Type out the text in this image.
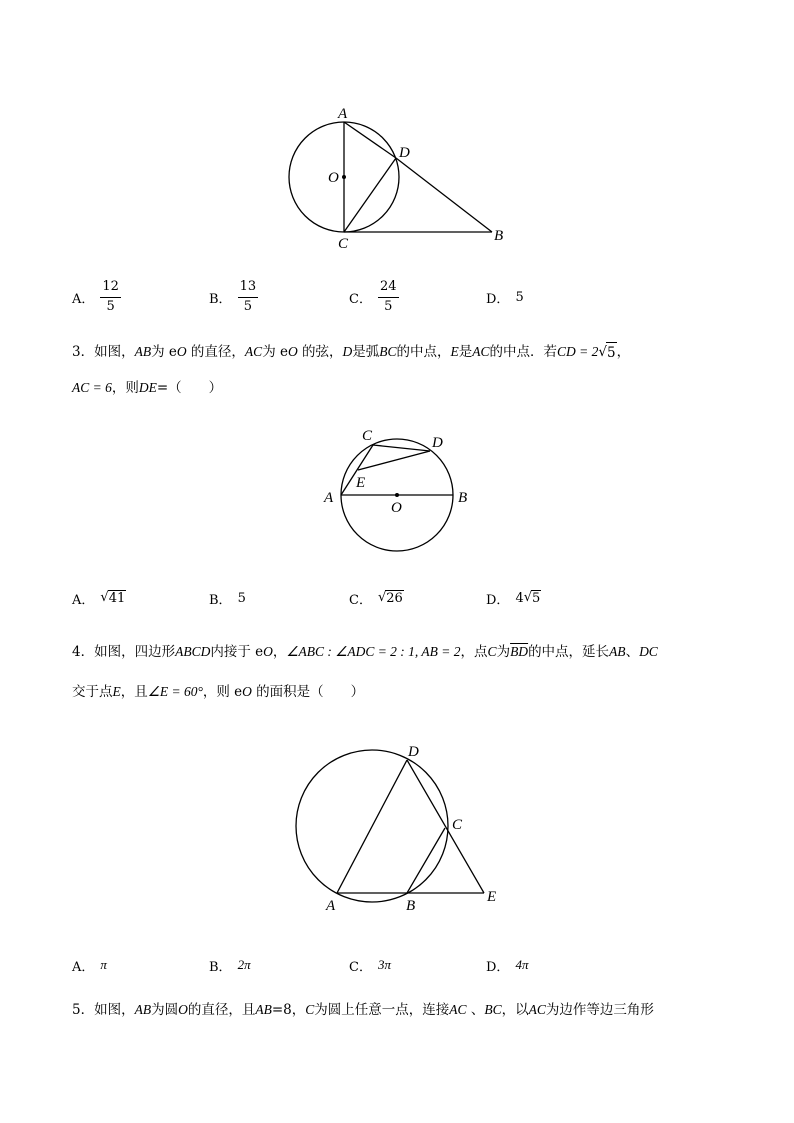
A
D
O
C	B
A． $\frac{12}{5}$	B． $\frac{13}{5}$	C． $\frac{24}{5}$	D． 5
3．如图，AB为 eO 的直径，AC为 eO 的弦，D是弧BC的中点，E是AC的中点．若CD = 2√ 5 ，
AC = 6，则DE=（　　）
C	D
E
A	B
O
A． √ 41	B． 5	C． √ 26	D． 4 √ 5
4．如图，四边形ABCD内接于 eO，∠ABC : ∠ADC = 2 : 1, AB = 2，点C为$\overline{BD}$的中点，延长AB、DC
交于点E，且∠E = 60°，则 eO 的面积是（　　）
D
C
A	B
E
A． π	B． 2π	C． 3π	D． 4π
5．如图，AB为圆O的直径，且AB=8，C为圆上任意一点，连接AC 、BC，以AC为边作等边三角形
